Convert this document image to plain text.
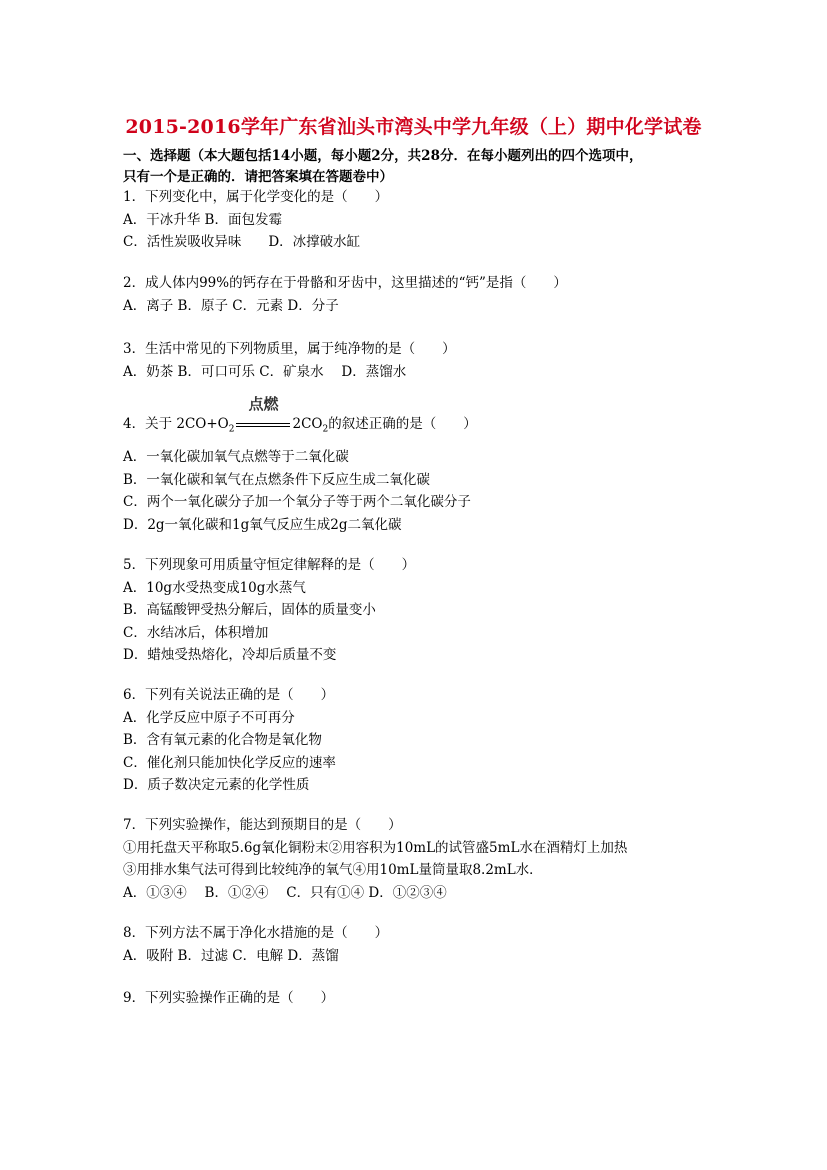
2015-2016学年广东省汕头市湾头中学九年级（上）期中化学试卷
一、选择题（本大题包括14小题，每小题2分，共28分．在每小题列出的四个选项中，
只有一个是正确的．请把答案填在答题卷中）
1．下列变化中，属于化学变化的是（　　）
A．干冰升华 B．面包发霉
C．活性炭吸收异味　　D．冰撑破水缸
2．成人体内99%的钙存在于骨骼和牙齿中，这里描述的“钙”是指（　　）
A．离子 B．原子 C．元素 D．分子
3．生活中常见的下列物质里，属于纯净物的是（　　）
A．奶茶 B．可口可乐 C．矿泉水　 D．蒸馏水
4．关于 $2CO+O_2$
点燃
$2CO_2$的叙述正确的是（　　）
A．一氧化碳加氧气点燃等于二氧化碳
B．一氧化碳和氧气在点燃条件下反应生成二氧化碳
C．两个一氧化碳分子加一个氧分子等于两个二氧化碳分子
D．2g一氧化碳和1g氧气反应生成2g二氧化碳
5．下列现象可用质量守恒定律解释的是（　　）
A．10g水受热变成10g水蒸气
B．高锰酸钾受热分解后，固体的质量变小
C．水结冰后，体积增加
D．蜡烛受热熔化，冷却后质量不变
6．下列有关说法正确的是（　　）
A．化学反应中原子不可再分
B．含有氧元素的化合物是氧化物
C．催化剂只能加快化学反应的速率
D．质子数决定元素的化学性质
7．下列实验操作，能达到预期目的是（　　）
①用托盘天平称取5.6g氧化铜粉末②用容积为10mL的试管盛5mL水在酒精灯上加热
③用排水集气法可得到比较纯净的氧气④用10mL量筒量取8.2mL水．
A．①③④　 B．①②④　 C．只有①④ D．①②③④
8．下列方法不属于净化水措施的是（　　）
A．吸附 B．过滤 C．电解 D．蒸馏
9．下列实验操作正确的是（　　）
